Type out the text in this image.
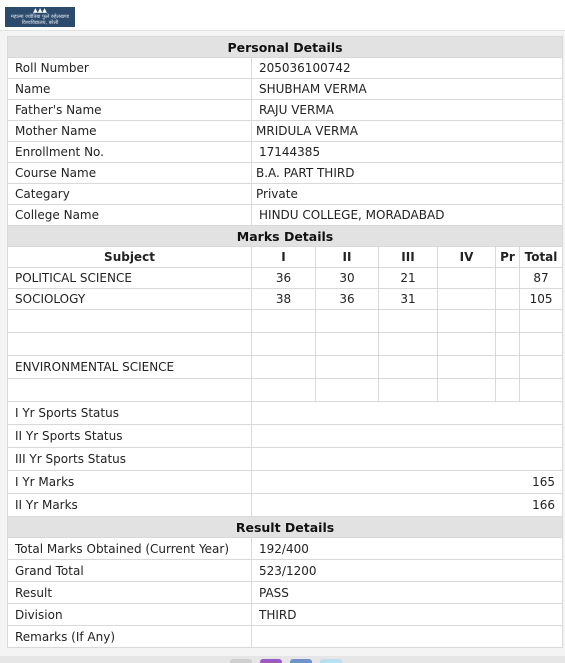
▲▲▲
महात्मा ज्योतिबा फुले रुहेलखण्ड विश्वविद्यालय, बरेली
Personal Details						
Roll Number	205036100742					
Name	SHUBHAM VERMA					
Father's Name	RAJU VERMA					
Mother Name	MRIDULA VERMA					
Enrollment No.	17144385					
Course Name	B.A. PART THIRD					
Categary	Private					
College Name	HINDU COLLEGE, MORADABAD					
Marks Details						
Subject	I	II	III	IV	Pr	Total
POLITICAL SCIENCE	36	30	21			87
SOCIOLOGY	38	36	31			105

ENVIRONMENTAL SCIENCE						

I Yr Sports Status						
II Yr Sports Status						
III Yr Sports Status						
I Yr Marks	165					
II Yr Marks	166					
Result Details						
Total Marks Obtained (Current Year)	192/400					
Grand Total	523/1200					
Result	PASS					
Division	THIRD					
Remarks (If Any)						
